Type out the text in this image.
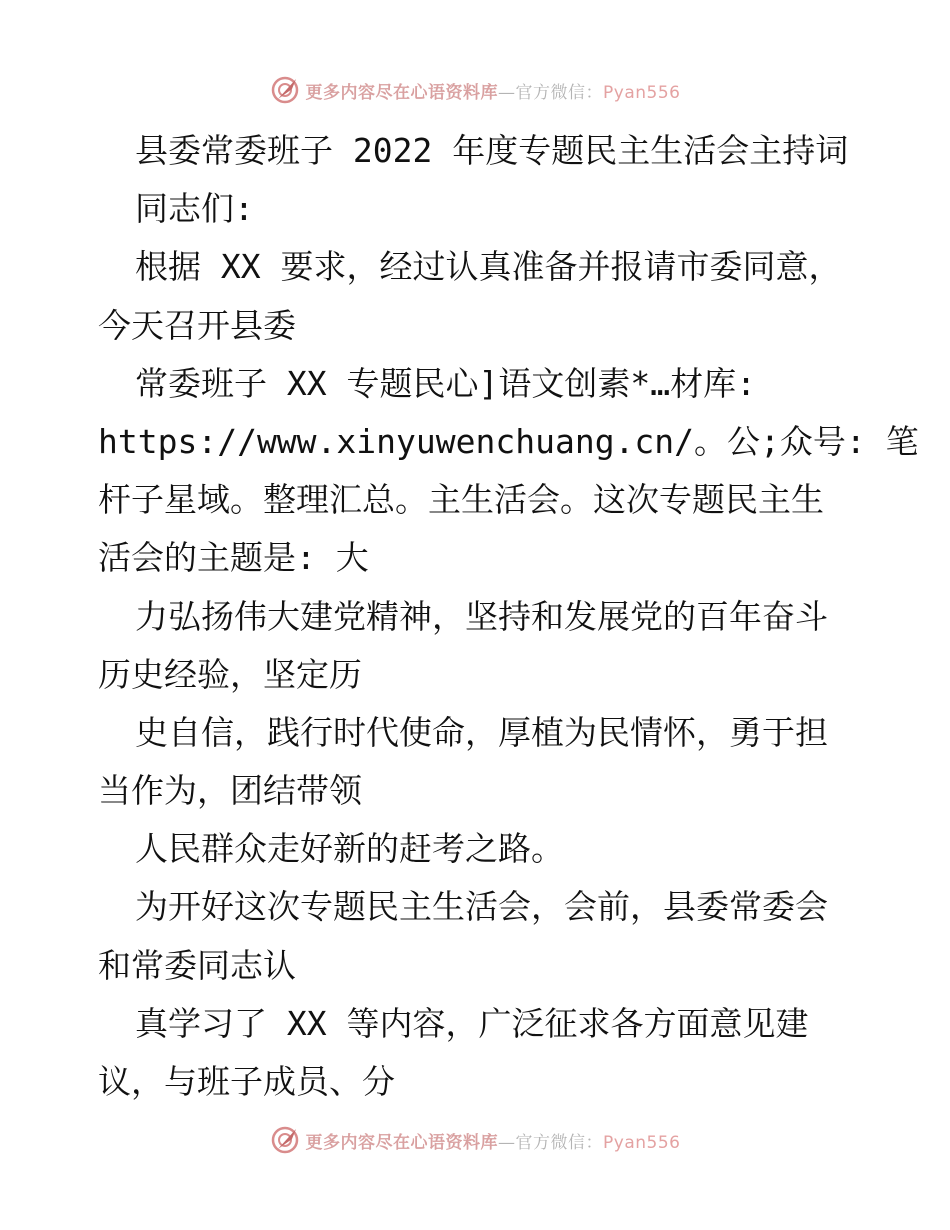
更多内容尽在心语资料库—官方微信：Pyan556
县委常委班子 2022 年度专题民主生活会主持词
同志们:
根据 XX 要求，经过认真准备并报请市委同意，
今天召开县委
常委班子 XX 专题民心]语文创素*…材库:
https://www.xinyuwenchuang.cn/。公;众号: 笔
杆子星域。整理汇总。主生活会。这次专题民主生
活会的主题是: 大
力弘扬伟大建党精神，坚持和发展党的百年奋斗
历史经验，坚定历
史自信，践行时代使命，厚植为民情怀，勇于担
当作为，团结带领
人民群众走好新的赶考之路。
为开好这次专题民主生活会，会前，县委常委会
和常委同志认
真学习了 XX 等内容，广泛征求各方面意见建
议，与班子成员、分
更多内容尽在心语资料库—官方微信：Pyan556
